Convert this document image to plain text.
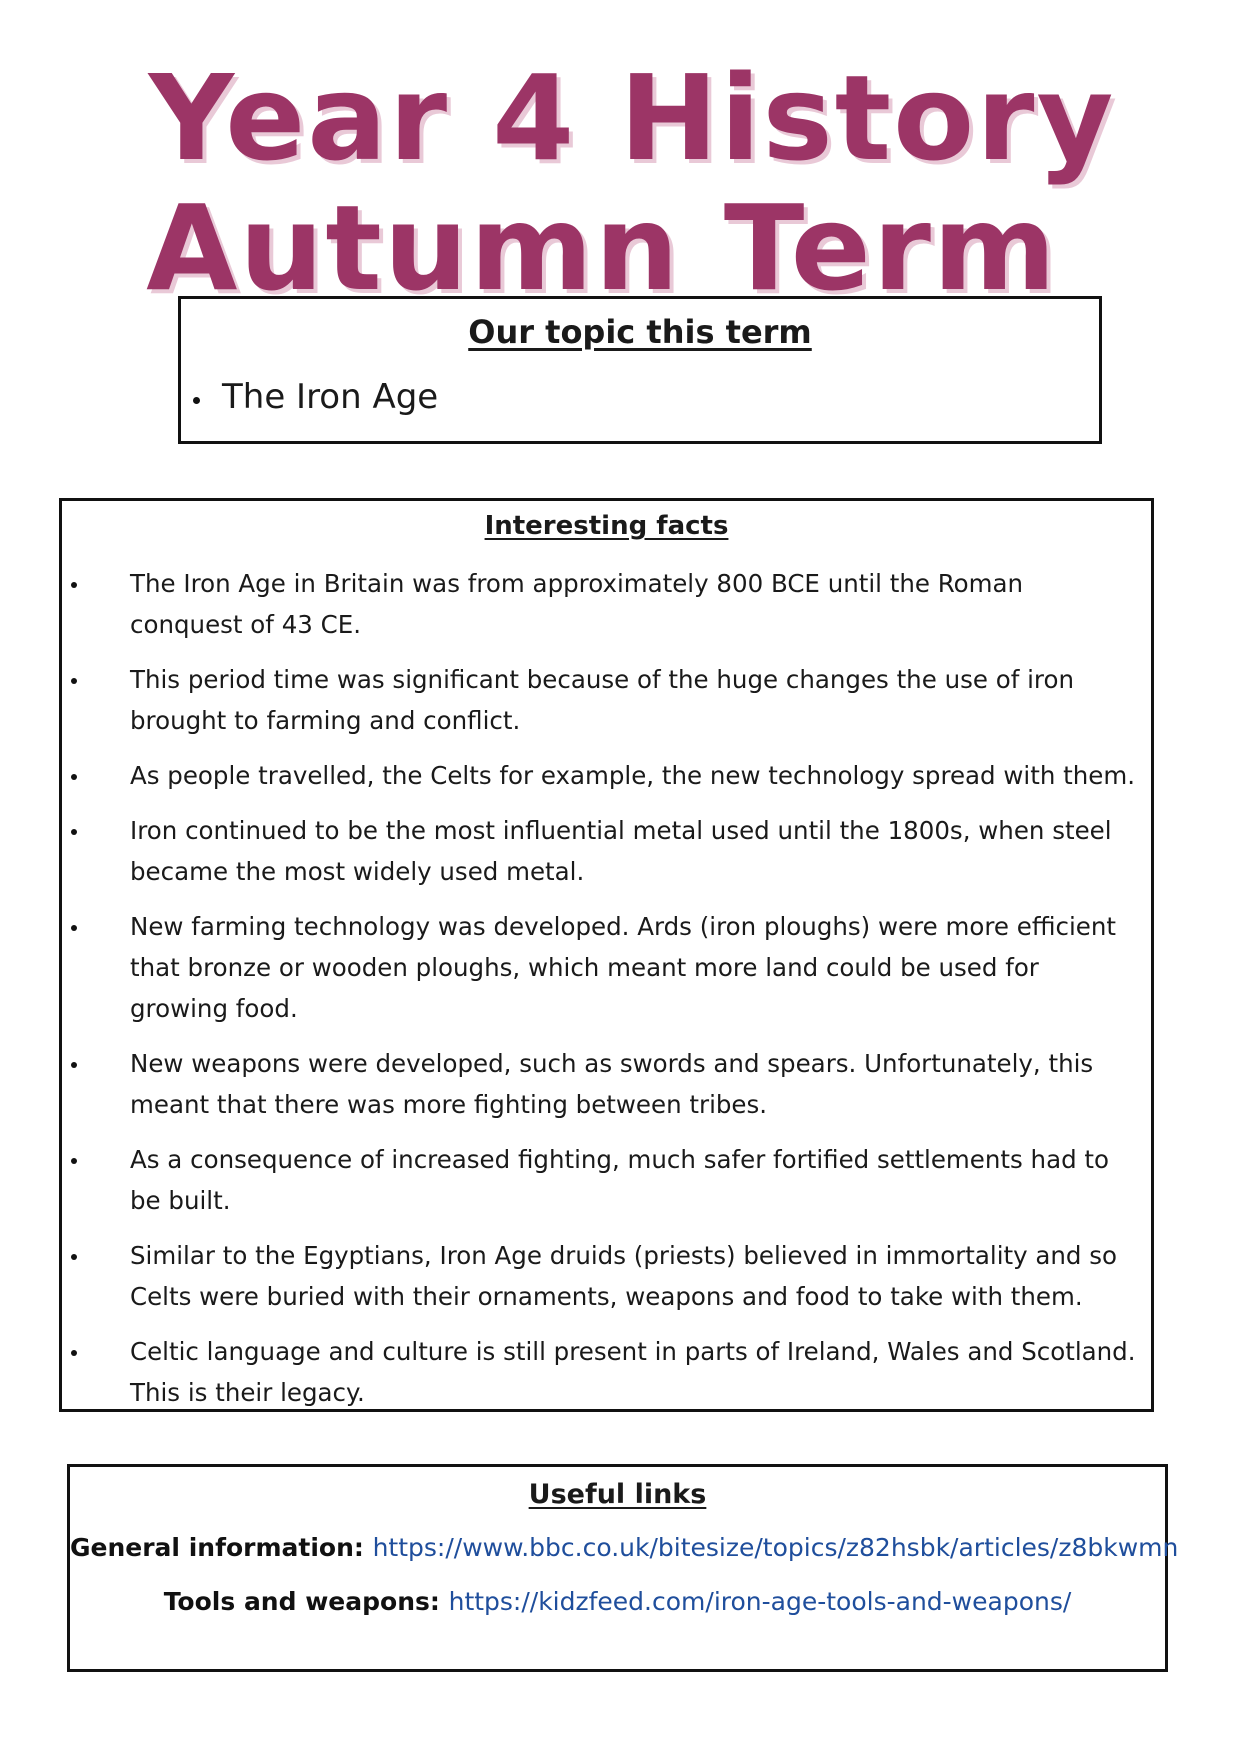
Year 4 History
Autumn Term
Our topic this term
The Iron Age
Interesting facts
The Iron Age in Britain was from approximately 800 BCE until the Roman conquest of 43 CE.
This period time was significant because of the huge changes the use of iron brought to farming and conflict.
As people travelled, the Celts for example, the new technology spread with them.
Iron continued to be the most influential metal used until the 1800s, when steel became the most widely used metal.
New farming technology was developed. Ards (iron ploughs) were more efficient that bronze or wooden ploughs, which meant more land could be used for growing food.
New weapons were developed, such as swords and spears. Unfortunately, this meant that there was more fighting between tribes.
As a consequence of increased fighting, much safer fortified settlements had to be built.
Similar to the Egyptians, Iron Age druids (priests) believed in immortality and so Celts were buried with their ornaments, weapons and food to take with them.
Celtic language and culture is still present in parts of Ireland, Wales and Scotland. This is their legacy.
Useful links
General information: https://www.bbc.co.uk/bitesize/topics/z82hsbk/articles/z8bkwmn
Tools and weapons: https://kidzfeed.com/iron-age-tools-and-weapons/
